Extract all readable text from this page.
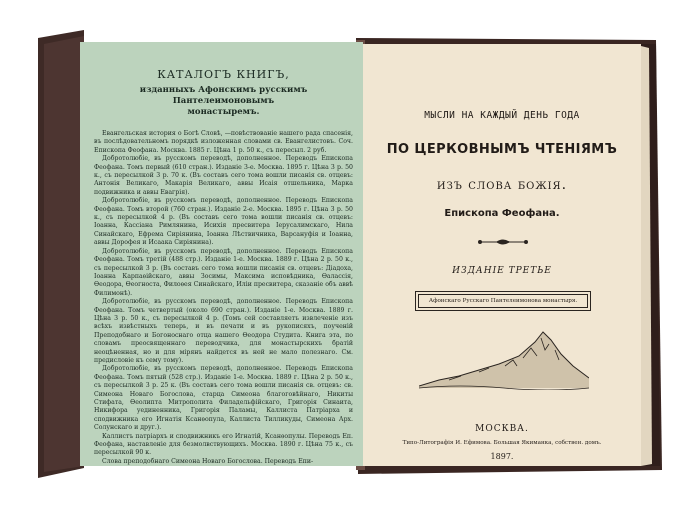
КАТАЛОГЪ КНИГЪ,
изданныхъ Афонскимъ русскимъ Пантелеимоновымъ
монастыремъ.

Евангельская история о Богѣ Словѣ, —повѣствованiе нашего рада спасенiя, въ послѣдовательномъ порядкѣ изложенная словами св. Евангелистовъ. Соч. Епископа Феофана. Москва. 1885 г. Цѣна 1 р. 50 к., съ пересыл. 2 руб.

Добротолюбiе, въ русскомъ переводѣ, дополненное. Переводъ Епископа Феофана. Томъ первый (610 стран.). Изданiе 3-е. Москва. 1895 г. Цѣна 3 р. 50 к., съ пересылкой 3 р. 70 к. (Въ составъ сего тома вошли писанiя св. отцевъ: Антонiя Великаго, Макарiя Великаго, аввы Исаiя отшельника, Марка подвижника и аввы Евагрiя).

Добротолюбiе, въ русскомъ переводѣ, дополненное. Переводъ Епископа Феофана. Томъ второй (760 стран.). Изданiе 2-е. Москва. 1895 г. Цѣна 3 р. 50 к., съ пересылкой 4 р. (Въ составъ сего тома вошли писанiя св. отцевъ: Iоанна, Кассiана Римлянина, Исихiя пресвитера Iерусалимскаго, Нила Синайскаго, Ефрема Сирiянина, Iоанна Лѣствичника, Варсануфiя и Iоанна, аввы Дорофея и Исаака Сирiянина).

Добротолюбiе, въ русскомъ переводѣ, дополненное. Переводъ Епископа Феофана. Томъ третiй (488 стр.). Изданiе 1-е. Москва. 1889 г. Цѣна 2 р. 50 к., съ пересылкой 3 р. (Въ составъ сего тома вошли писанiя св. отцевъ: Дiадоха, Iоанна Карпаѳiйскаго, аввы Зосимы, Максима исповѣдника, Өалассiя, Өеодора, Өеогноста, Филоѳея Синайскаго, Илiи пресвитера, сказанiе объ аввѣ Филимонѣ).

Добротолюбiе, въ русскомъ переводѣ, дополненное. Переводъ Епископа Феофана. Томъ четвертый (около 690 стран.). Изданiе 1-е. Москва. 1889 г. Цѣна 3 р. 50 к., съ пересылкой 4 р. (Томъ сей составляетъ извлеченiе изъ всѣхъ извѣстныхъ теперь, и въ печати и въ рукописяхъ, поученiй Преподобнаго и Богоноснаго отца нашего Өеодора Студита. Книга эта, по словамъ преосвященнаго переводчика, для монастырскихъ братiй неоцѣненная, но и для мiрянъ найдется въ ней не мало полезнаго. См. предисловiе къ сему тому).

Добротолюбiе, въ русскомъ переводѣ, дополненное. Переводъ Епископа Феофана. Томъ пятый (528 стр.). Изданiе 1-е. Москва. 1889 г. Цѣна 2 р. 50 к., съ пересылкой 3 р. 25 к. (Въ составъ сего тома вошли писанiя св. отцевъ: св. Симеона Новаго Богослова, старца Симеона благоговѣйнаго, Никиты Стифата, Өеолипта Митрополита Филадельфiйскаго, Григорiя Синаита, Никифора уединенника, Григорiя Паламы, Каллиста Патрiарха и сподвижника его Игнатiя Ксанѳопула, Каллиста Тилликуды, Симеона Арх. Солунскаго и друг.).

Каллистъ патрiархъ и сподвижникъ его Игнатiй, Ксанѳопулы. Переводъ Еп. Феофана, наставленiе для безмолвствующихъ. Москва. 1890 г. Цѣна 75 к., съ пересылкой 90 к.

Слова преподобнаго Симеона Новаго Богослова. Переводъ Епи-

МЫСЛИ НА КАЖДЫЙ ДЕНЬ ГОДА
ПО ЦЕРКОВНЫМЪ ЧТЕНIЯМЪ
изъ слова божiя.
Епископа Феофана.
ИЗДАНIЕ ТРЕТЬЕ
Афонскаго Русскаго Пантелеимонова монастыря.
МОСКВА.
Типо-Литографiя И. Ефимова. Большая Якиманка, собствен. домъ.
1897.
